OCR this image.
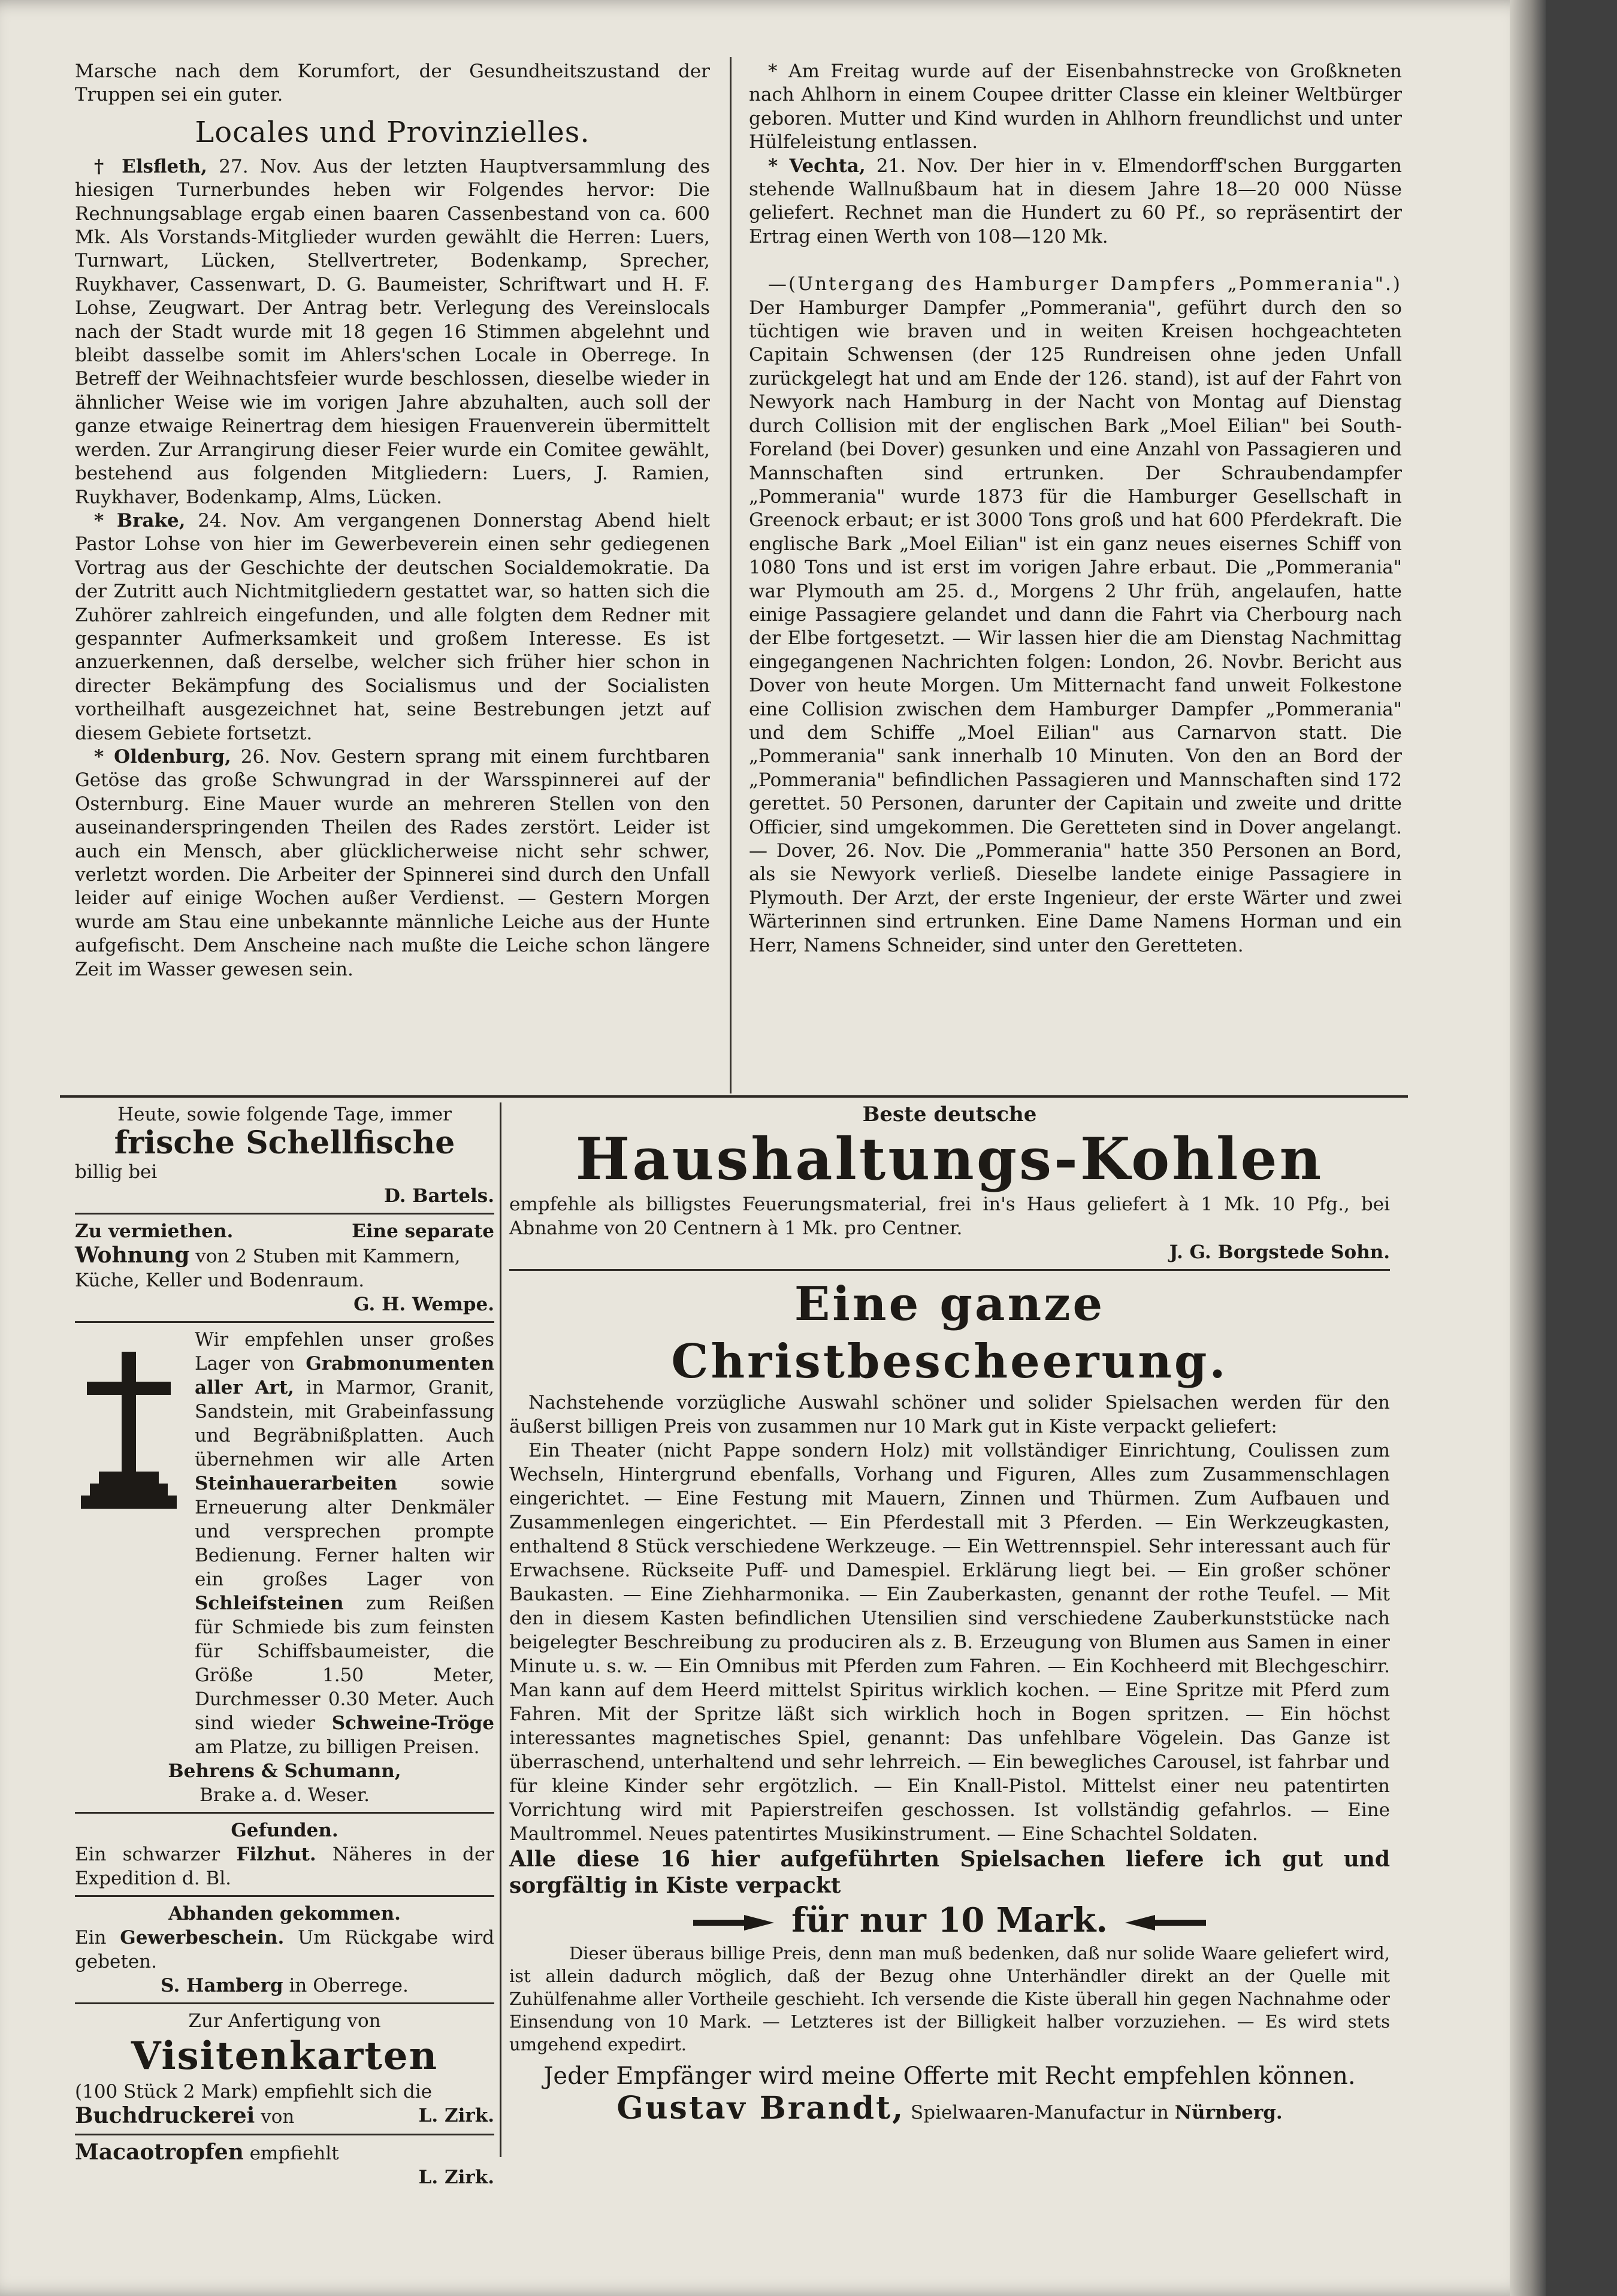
Marsche nach dem Korumfort, der Gesundheitszustand der Truppen sei ein guter.

Locales und Provinzielles.

† Elsfleth, 27. Nov. Aus der letzten Hauptversammlung des hiesigen Turnerbundes heben wir Folgendes hervor: Die Rechnungsablage ergab einen baaren Cassenbestand von ca. 600 Mk. Als Vorstands-Mitglieder wurden gewählt die Herren: Luers, Turnwart, Lücken, Stellvertreter, Bodenkamp, Sprecher, Ruykhaver, Cassenwart, D. G. Baumeister, Schriftwart und H. F. Lohse, Zeugwart. Der Antrag betr. Verlegung des Vereinslocals nach der Stadt wurde mit 18 gegen 16 Stimmen abgelehnt und bleibt dasselbe somit im Ahlers'schen Locale in Oberrege. In Betreff der Weihnachtsfeier wurde beschlossen, dieselbe wieder in ähnlicher Weise wie im vorigen Jahre abzuhalten, auch soll der ganze etwaige Reinertrag dem hiesigen Frauenverein übermittelt werden. Zur Arrangirung dieser Feier wurde ein Comitee gewählt, bestehend aus folgenden Mitgliedern: Luers, J. Ramien, Ruykhaver, Bodenkamp, Alms, Lücken.

* Brake, 24. Nov. Am vergangenen Donnerstag Abend hielt Pastor Lohse von hier im Gewerbeverein einen sehr gediegenen Vortrag aus der Geschichte der deutschen Socialdemokratie. Da der Zutritt auch Nichtmitgliedern gestattet war, so hatten sich die Zuhörer zahlreich eingefunden, und alle folgten dem Redner mit gespannter Aufmerksamkeit und großem Interesse. Es ist anzuerkennen, daß derselbe, welcher sich früher hier schon in directer Bekämpfung des Socialismus und der Socialisten vortheilhaft ausgezeichnet hat, seine Bestrebungen jetzt auf diesem Gebiete fortsetzt.

* Oldenburg, 26. Nov. Gestern sprang mit einem furchtbaren Getöse das große Schwungrad in der Warsspinnerei auf der Osternburg. Eine Mauer wurde an mehreren Stellen von den auseinanderspringenden Theilen des Rades zerstört. Leider ist auch ein Mensch, aber glücklicherweise nicht sehr schwer, verletzt worden. Die Arbeiter der Spinnerei sind durch den Unfall leider auf einige Wochen außer Verdienst. — Gestern Morgen wurde am Stau eine unbekannte männliche Leiche aus der Hunte aufgefischt. Dem Anscheine nach mußte die Leiche schon längere Zeit im Wasser gewesen sein.

* Am Freitag wurde auf der Eisenbahnstrecke von Großkneten nach Ahlhorn in einem Coupee dritter Classe ein kleiner Weltbürger geboren. Mutter und Kind wurden in Ahlhorn freundlichst und unter Hülfeleistung entlassen.

* Vechta, 21. Nov. Der hier in v. Elmendorff'schen Burggarten stehende Wallnußbaum hat in diesem Jahre 18—20 000 Nüsse geliefert. Rechnet man die Hundert zu 60 Pf., so repräsentirt der Ertrag einen Werth von 108—120 Mk.

—(Untergang des Hamburger Dampfers „Pommerania".) Der Hamburger Dampfer „Pommerania", geführt durch den so tüchtigen wie braven und in weiten Kreisen hochgeachteten Capitain Schwensen (der 125 Rundreisen ohne jeden Unfall zurückgelegt hat und am Ende der 126. stand), ist auf der Fahrt von Newyork nach Hamburg in der Nacht von Montag auf Dienstag durch Collision mit der englischen Bark „Moel Eilian" bei South-Foreland (bei Dover) gesunken und eine Anzahl von Passagieren und Mannschaften sind ertrunken. Der Schraubendampfer „Pommerania" wurde 1873 für die Hamburger Gesellschaft in Greenock erbaut; er ist 3000 Tons groß und hat 600 Pferdekraft. Die englische Bark „Moel Eilian" ist ein ganz neues eisernes Schiff von 1080 Tons und ist erst im vorigen Jahre erbaut. Die „Pommerania" war Plymouth am 25. d., Morgens 2 Uhr früh, angelaufen, hatte einige Passagiere gelandet und dann die Fahrt via Cherbourg nach der Elbe fortgesetzt. — Wir lassen hier die am Dienstag Nachmittag eingegangenen Nachrichten folgen: London, 26. Novbr. Bericht aus Dover von heute Morgen. Um Mitternacht fand unweit Folkestone eine Collision zwischen dem Hamburger Dampfer „Pommerania" und dem Schiffe „Moel Eilian" aus Carnarvon statt. Die „Pommerania" sank innerhalb 10 Minuten. Von den an Bord der „Pommerania" befindlichen Passagieren und Mannschaften sind 172 gerettet. 50 Personen, darunter der Capitain und zweite und dritte Officier, sind umgekommen. Die Geretteten sind in Dover angelangt. — Dover, 26. Nov. Die „Pommerania" hatte 350 Personen an Bord, als sie Newyork verließ. Dieselbe landete einige Passagiere in Plymouth. Der Arzt, der erste Ingenieur, der erste Wärter und zwei Wärterinnen sind ertrunken. Eine Dame Namens Horman und ein Herr, Namens Schneider, sind unter den Geretteten.

Heute, sowie folgende Tage, immer

frische Schellfische

billig bei

D. Bartels.

Zu vermiethen.	Eine separate

Wohnung von 2 Stuben mit Kammern, Küche, Keller und Bodenraum.

G. H. Wempe.

Wir empfehlen unser großes Lager von Grabmonumenten aller Art, in Marmor, Granit, Sandstein, mit Grabeinfassung und Begräbnißplatten. Auch übernehmen wir alle Arten Steinhauerarbeiten sowie Erneuerung alter Denkmäler und versprechen prompte Bedienung. Ferner halten wir ein großes Lager von Schleifsteinen zum Reißen für Schmiede bis zum feinsten für Schiffsbaumeister, die Größe 1.50 Meter, Durchmesser 0.30 Meter. Auch sind wieder Schweine-Tröge am Platze, zu billigen Preisen.

Behrens & Schumann,

Brake a. d. Weser.

Gefunden.

Ein schwarzer Filzhut. Näheres in der Expedition d. Bl.

Abhanden gekommen.

Ein Gewerbeschein. Um Rückgabe wird gebeten.

S. Hamberg in Oberrege.

Zur Anfertigung von

Visitenkarten

(100 Stück 2 Mark) empfiehlt sich die

Buchdruckerei von	L. Zirk.

Macaotropfen empfiehlt

L. Zirk.

Beste deutsche

Haushaltungs-Kohlen

empfehle als billigstes Feuerungsmaterial, frei in's Haus geliefert à 1 Mk. 10 Pfg., bei Abnahme von 20 Centnern à 1 Mk. pro Centner.

J. G. Borgstede Sohn.

Eine ganze Christbescheerung.

Nachstehende vorzügliche Auswahl schöner und solider Spielsachen werden für den äußerst billigen Preis von zusammen nur 10 Mark gut in Kiste verpackt geliefert:

Ein Theater (nicht Pappe sondern Holz) mit vollständiger Einrichtung, Coulissen zum Wechseln, Hintergrund ebenfalls, Vorhang und Figuren, Alles zum Zusammenschlagen eingerichtet. — Eine Festung mit Mauern, Zinnen und Thürmen. Zum Aufbauen und Zusammenlegen eingerichtet. — Ein Pferdestall mit 3 Pferden. — Ein Werkzeugkasten, enthaltend 8 Stück verschiedene Werkzeuge. — Ein Wettrennspiel. Sehr interessant auch für Erwachsene. Rückseite Puff- und Damespiel. Erklärung liegt bei. — Ein großer schöner Baukasten. — Eine Ziehharmonika. — Ein Zauberkasten, genannt der rothe Teufel. — Mit den in diesem Kasten befindlichen Utensilien sind verschiedene Zauberkunststücke nach beigelegter Beschreibung zu produciren als z. B. Erzeugung von Blumen aus Samen in einer Minute u. s. w. — Ein Omnibus mit Pferden zum Fahren. — Ein Kochheerd mit Blechgeschirr. Man kann auf dem Heerd mittelst Spiritus wirklich kochen. — Eine Spritze mit Pferd zum Fahren. Mit der Spritze läßt sich wirklich hoch in Bogen spritzen. — Ein höchst interessantes magnetisches Spiel, genannt: Das unfehlbare Vögelein. Das Ganze ist überraschend, unterhaltend und sehr lehrreich. — Ein bewegliches Carousel, ist fahrbar und für kleine Kinder sehr ergötzlich. — Ein Knall-Pistol. Mittelst einer neu patentirten Vorrichtung wird mit Papierstreifen geschossen. Ist vollständig gefahrlos. — Eine Maultrommel. Neues patentirtes Musikinstrument. — Eine Schachtel Soldaten.

Alle diese 16 hier aufgeführten Spielsachen liefere ich gut und sorgfältig in Kiste verpackt

für nur 10 Mark.

Dieser überaus billige Preis, denn man muß bedenken, daß nur solide Waare geliefert wird, ist allein dadurch möglich, daß der Bezug ohne Unterhändler direkt an der Quelle mit Zuhülfenahme aller Vortheile geschieht. Ich versende die Kiste überall hin gegen Nachnahme oder Einsendung von 10 Mark. — Letzteres ist der Billigkeit halber vorzuziehen. — Es wird stets umgehend expedirt.

Jeder Empfänger wird meine Offerte mit Recht empfehlen können.

Gustav Brandt, Spielwaaren-Manufactur in Nürnberg.
